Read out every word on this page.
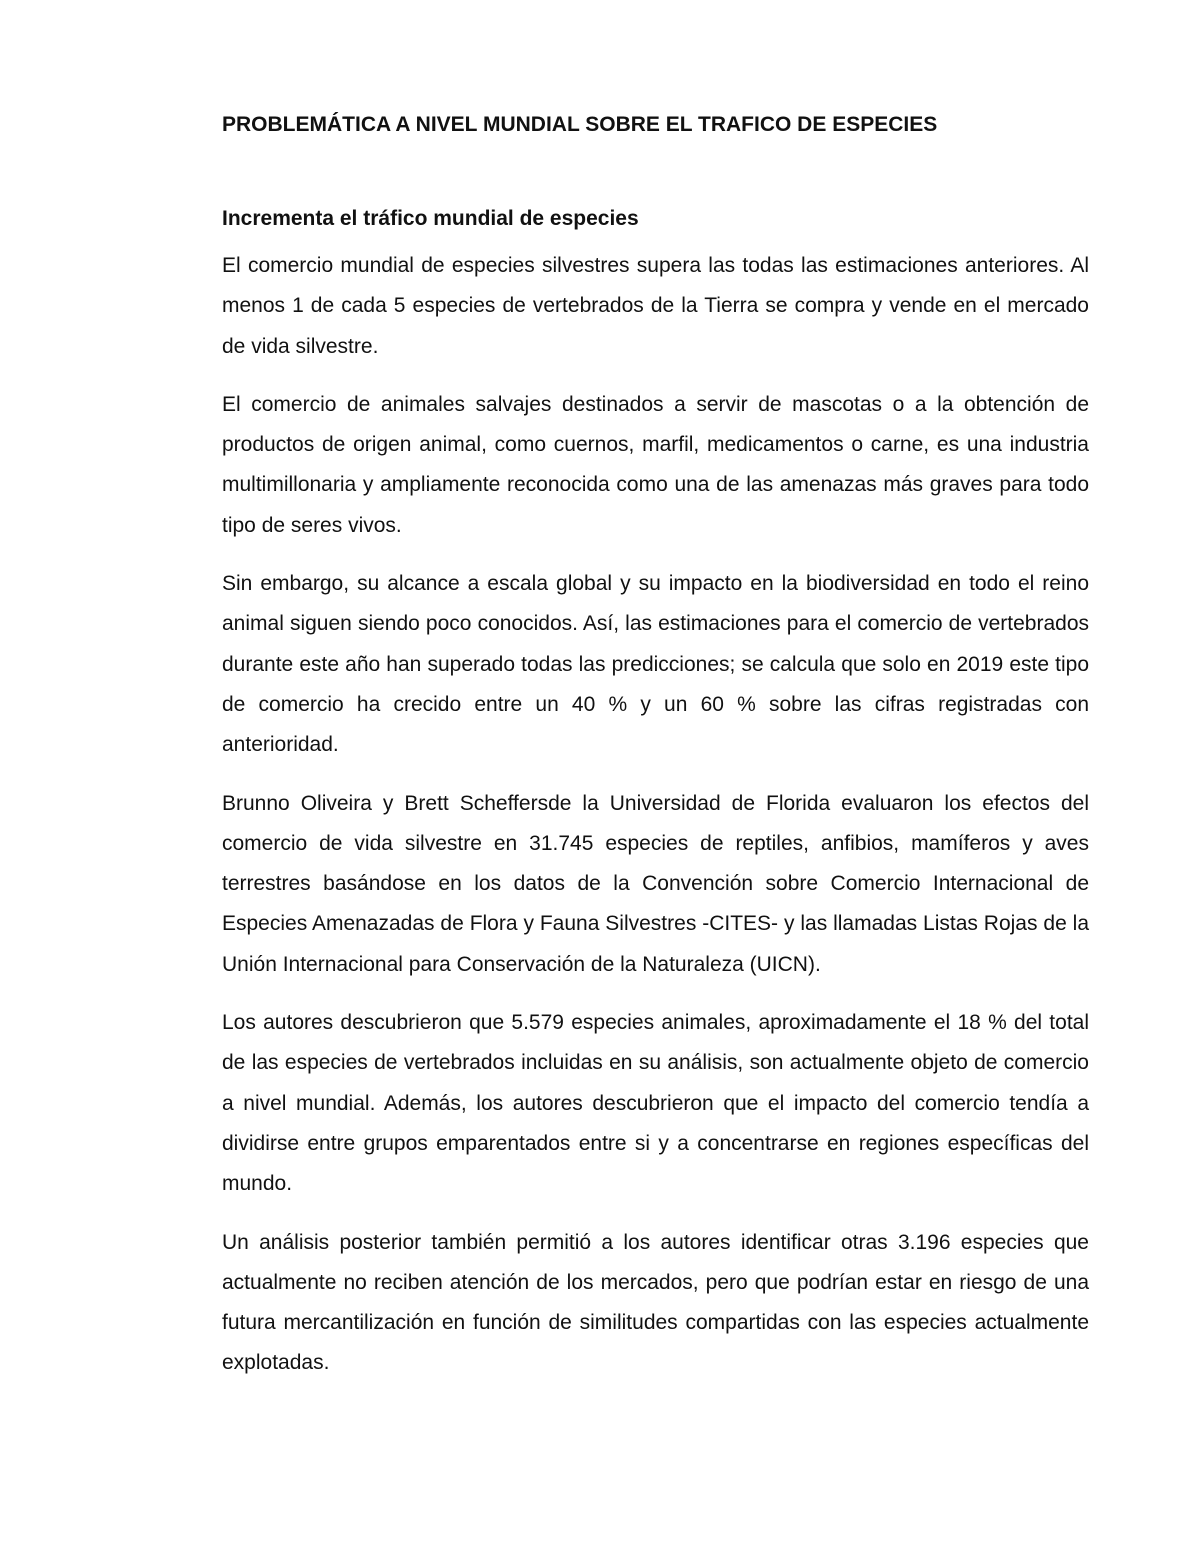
PROBLEMÁTICA A NIVEL MUNDIAL SOBRE EL TRAFICO DE ESPECIES
Incrementa el tráfico mundial de especies

El comercio mundial de especies silvestres supera las todas las estimaciones anteriores. Al menos 1 de cada 5 especies de vertebrados de la Tierra se compra y vende en el mercado de vida silvestre.

El comercio de animales salvajes destinados a servir de mascotas o a la obtención de productos de origen animal, como cuernos, marfil, medicamentos o carne, es una industria multimillonaria y ampliamente reconocida como una de las amenazas más graves para todo tipo de seres vivos.

Sin embargo, su alcance a escala global y su impacto en la biodiversidad en todo el reino animal siguen siendo poco conocidos. Así, las estimaciones para el comercio de vertebrados durante este año han superado todas las predicciones; se calcula que solo en 2019 este tipo de comercio ha crecido entre un 40 % y un 60 % sobre las cifras registradas con anterioridad.

Brunno Oliveira y Brett Scheffersde la Universidad de Florida evaluaron los efectos del comercio de vida silvestre en 31.745 especies de reptiles, anfibios, mamíferos y aves terrestres basándose en los datos de la Convención sobre Comercio Internacional de Especies Amenazadas de Flora y Fauna Silvestres -CITES- y las llamadas Listas Rojas de la Unión Internacional para Conservación de la Naturaleza (UICN).

Los autores descubrieron que 5.579 especies animales, aproximadamente el 18 % del total de las especies de vertebrados incluidas en su análisis, son actualmente objeto de comercio a nivel mundial. Además, los autores descubrieron que el impacto del comercio tendía a dividirse entre grupos emparentados entre si y a concentrarse en regiones específicas del mundo.

Un análisis posterior también permitió a los autores identificar otras 3.196 especies que actualmente no reciben atención de los mercados, pero que podrían estar en riesgo de una futura mercantilización en función de similitudes compartidas con las especies actualmente explotadas.
